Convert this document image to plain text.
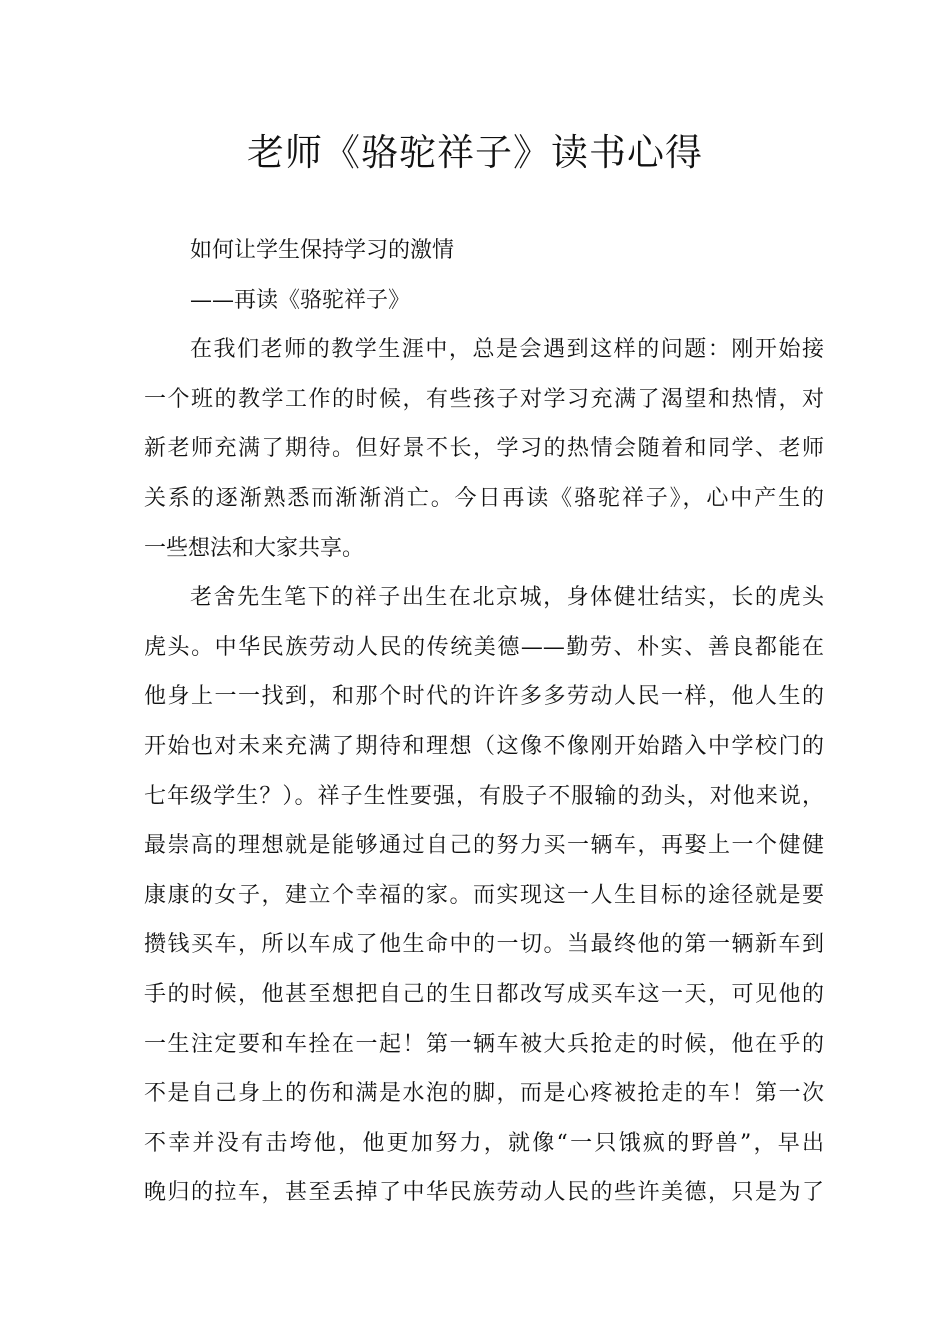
老师《骆驼祥子》读书心得
如何让学生保持学习的激情
——再读《骆驼祥子》
在我们老师的教学生涯中，总是会遇到这样的问题：刚开始接
一个班的教学工作的时候，有些孩子对学习充满了渴望和热情，对
新老师充满了期待。但好景不长，学习的热情会随着和同学、老师
关系的逐渐熟悉而渐渐消亡。今日再读《骆驼祥子》，心中产生的
一些想法和大家共享。
老舍先生笔下的祥子出生在北京城，身体健壮结实，长的虎头
虎头。中华民族劳动人民的传统美德——勤劳、朴实、善良都能在
他身上一一找到，和那个时代的许许多多劳动人民一样，他人生的
开始也对未来充满了期待和理想（这像不像刚开始踏入中学校门的
七年级学生？）。祥子生性要强，有股子不服输的劲头，对他来说，
最崇高的理想就是能够通过自己的努力买一辆车，再娶上一个健健
康康的女子，建立个幸福的家。而实现这一人生目标的途径就是要
攒钱买车，所以车成了他生命中的一切。当最终他的第一辆新车到
手的时候，他甚至想把自己的生日都改写成买车这一天，可见他的
一生注定要和车拴在一起！第一辆车被大兵抢走的时候，他在乎的
不是自己身上的伤和满是水泡的脚，而是心疼被抢走的车！第一次
不幸并没有击垮他，他更加努力，就像“一只饿疯的野兽”，早出
晚归的拉车，甚至丢掉了中华民族劳动人民的些许美德，只是为了
